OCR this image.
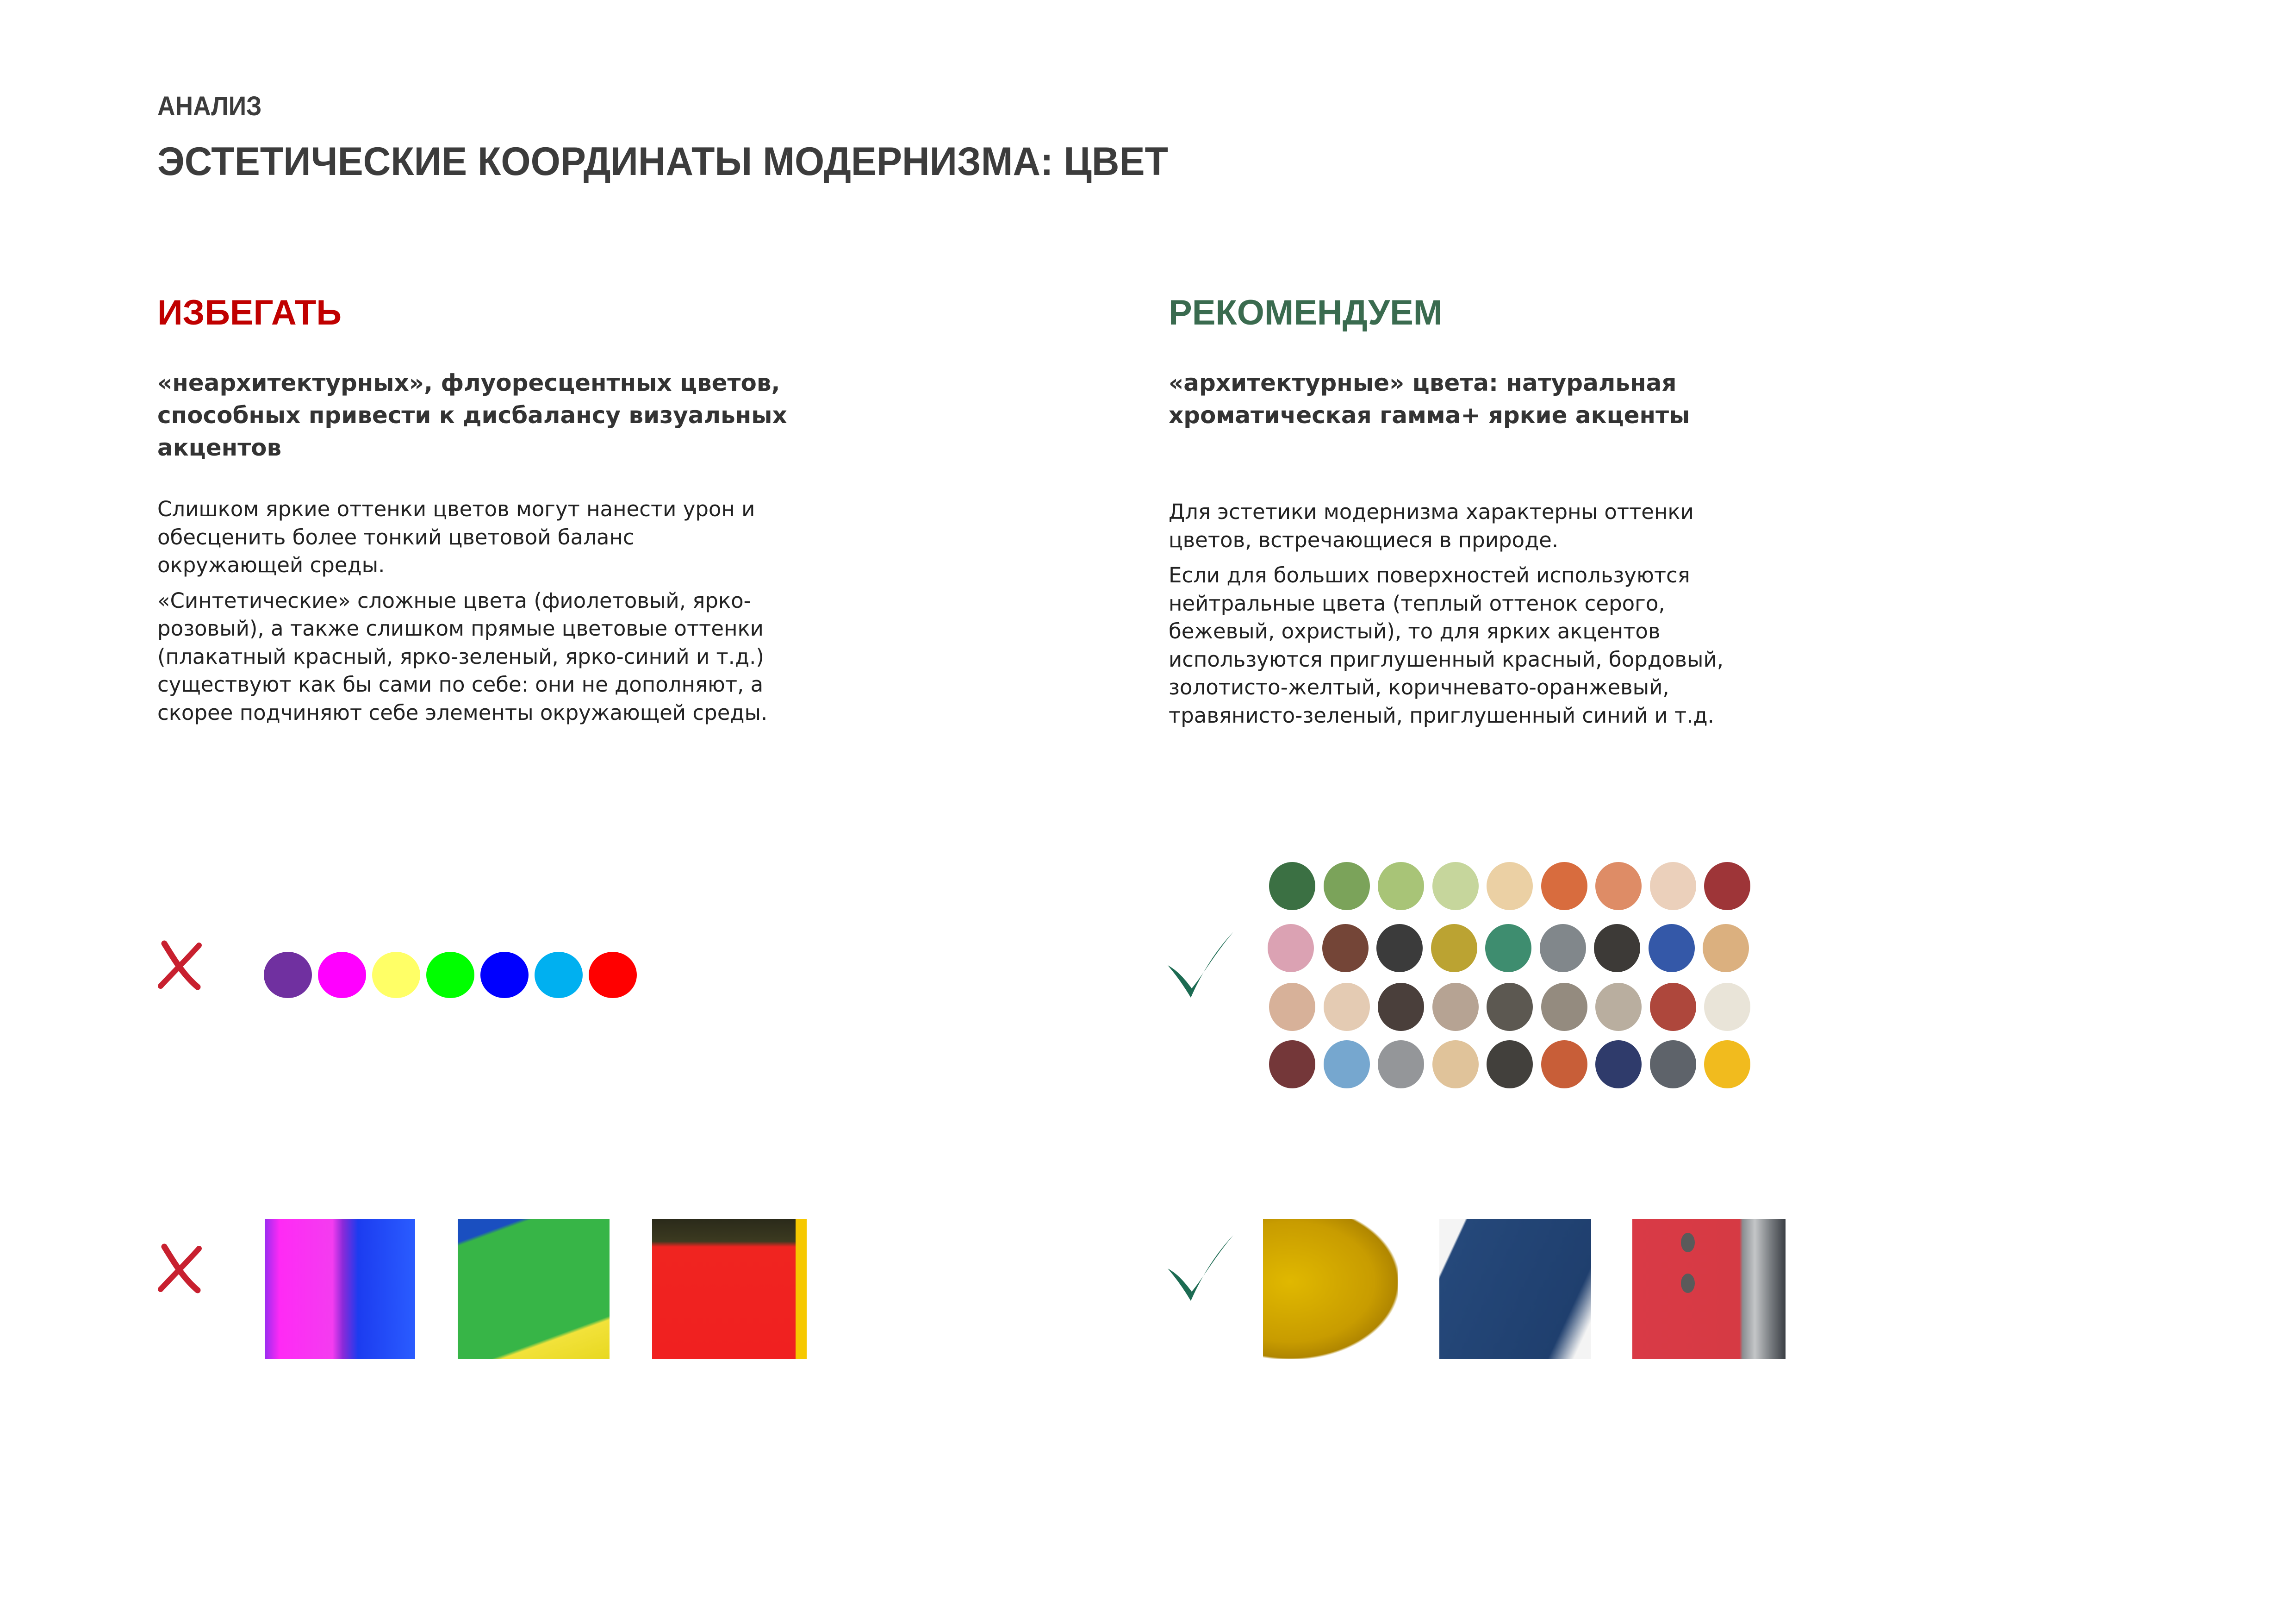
АНАЛИЗ
ЭСТЕТИЧЕСКИЕ КООРДИНАТЫ МОДЕРНИЗМА: ЦВЕТ
ИЗБЕГАТЬ
«неархитектурных», флуоресцентных цветов, способных привести к дисбалансу визуальных акцентов

Слишком яркие оттенки цветов могут нанести урон и обесценить более тонкий цветовой баланс окружающей среды.

«Синтетические» сложные цвета (фиолетовый, ярко-розовый), а также слишком прямые цветовые оттенки (плакатный красный, ярко-зеленый, ярко-синий и т.д.) существуют как бы сами по себе: они не дополняют, а скорее подчиняют себе элементы окружающей среды.

РЕКОМЕНДУЕМ
«архитектурные» цвета: натуральная хроматическая гамма+ яркие акценты

Для эстетики модернизма характерны оттенки цветов, встречающиеся в природе.

Если для больших поверхностей используются нейтральные цвета (теплый оттенок серого, бежевый, охристый), то для ярких акцентов используются приглушенный красный, бордовый, золотисто-желтый, коричневато-оранжевый, травянисто-зеленый, приглушенный синий и т.д.
